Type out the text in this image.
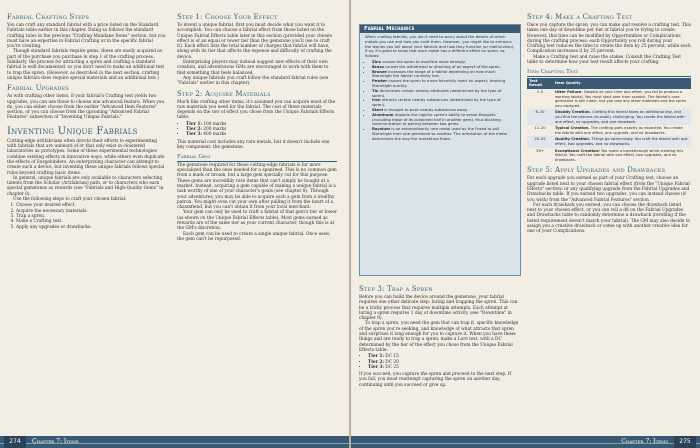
Fabrial Crafting Steps

You can craft any standard fabrial with a price listed on the Standard Fabrials table earlier in this chapter. Doing so follows the standard crafting rules in the previous "Crafting Mundane Items" section, but you must have an expertise in Fabrial Crafting or in the specific fabrial you're creating.

Though standard fabrials require gems, these are easily acquired as part of the purchase you purchase in step 1 of the crafting process. Similarly, the process for attracting a spren and crafting a standard fabrial is well documented, so you don't need to make an additional test to trap the spren. (However, as described in the next section, crafting unique fabrials does require special materials and an additional test.)

Fabrial Upgrades

As with crafting other items, if your fabrial's Crafting test yields two upgrades, you can use those to choose one advanced feature. When you do, you can either choose from the earlier "Advanced Item Features" section, or you can choose from the upcoming "Advanced Fabrial Features" subsection of "Inventing Unique Fabrials."

Inventing Unique Fabrials

Cutting-edge artifabrians often devote their efforts to experimenting with fabrials that are unheard of or that only exist in cloistered laboratories as prototypes. Some of these experimental technologies combine existing effects in innovative ways, while others even duplicate the effects of Surgebinders. An enterprising character can attempt to create such a device, but inventing these unique fabrials follows special rules beyond crafting basic items.

In general, unique fabrials are only available to characters selecting talents from the Scholar (Artifabrian) path, or to characters who earn special gemstones as rewards (see "Fabrials and High-Quality Gems" in chapter 8).

Use the following steps to craft your chosen fabrial:

1. Choose your desired effect.
2. Acquire the necessary materials.
3. Trap a spren.
4. Make a Crafting test.
5. Apply any upgrades or drawbacks.
Step 1: Choose Your Effect

To invent a unique fabrial, first you must decide what you want it to accomplish. You can choose a fabrial effect from those listed on the Unique Fabrial Effects table later in this section (provided your chosen effect is of an equal or lower tier than the gemstone you'll use to craft it). Each effect lists the total number of charges that fabrial will have, along with its tier that affects the expense and difficulty of crafting the device.

Enterprising players may instead suggest new effects of their own creation, and adventurous GMs are encouraged to work with them to find something that feels balanced.

Any unique fabrials you craft follow the standard fabrial rules (see "Fabrials" earlier in this chapter).

Step 2: Acquire Materials

Much like crafting other items, it's assumed you can acquire most of the raw materials you need for the fabrial. The cost of these materials depends on the tier of effect you chose from the Unique Fabrials Effects table:

• Tier 1: 100 marks
• Tier 2: 200 marks
• Tier 3: 400 marks

This material cost includes any rare metals, but it doesn't include one key component: the gemstone.

Fabrial Gem

The gemstone required for these cutting-edge fabrials is far more specialized than the ones needed for a spanreed. This is no common gem from a mark or broam, but a large gem specially cut for this purpose. These gems are incredibly rare items that can't simply be bought at a market. Instead, acquiring a gem capable of making a unique fabrial is a task worthy of one of your character's goals (see chapter 8). Through your adventures, you may be able to acquire such a gem from a wealthy patron. You might even cut your own after pulling it from the heart of a chasmfiend, but you can't obtain it from your local merchant.

Your gem can only be used to craft a fabrial of that gem's tier or lower (as shown on the Unique Fabrial Effects table). Most gems earned as rewards are of the same tier as your current character, though this is at the GM's discretion.

Each gem can be used to create a single unique fabrial. Once used, the gem can't be repurposed.

274	Chapter 7: Items
Fabrial Mechanics

When crafting fabrials, you don't need to worry about the details of which metals you use and how you craft them. However, you might like to enhance the stories you tell about your fabrials and how they function (or malfunction). If so, it's good to know that each metal has a different effect on spren, as follows:

• Zinc causes the spren to manifest more strongly.
• Brass causes the withdrawal or dimming of an aspect of the spren.
• Bronze increases the range of a fabrial depending on how much Stormlight the fabrial currently has.
• Pewter causes the spren to move forcefully exert an aspect, draining Stormlight quickly.
• Tin diminishes certain nearby attributes (determined by the type of spren).
• Iron attracts certain nearby substances (determined by the type of spren).
• Steel is thought to push nearby substances away.
• Aluminum impacts the captive spren's ability to sense thoughts (including those of its conjoined half in another gem), thus blocking communication or pairing between two gems.
• Raysium is an extraordinarily rare metal used by the Fused to pull Stormlight from one gemstone to another. The orientation of the metal determines the way the Investiture flows.
Step 3: Trap a Spren

Before you can build the device around the gemstone, your fabrial requires one other delicate step: luring and trapping the spren. This can be a tricky process that requires multiple attempts. Each attempt at luring a spren requires 1 day of downtime activity (see "Downtime" in chapter 9).

To trap a spren, you need the gem that can trap it, specific knowledge of the spren you're seeking, and knowledge of what attracts that spren and surprises it long enough for you to capture it. When you have these things and are ready to trap a spren, make a Lore test, with a DC determined by the tier of the effect you chose from the Unique Fabrial Effects table:

• Tier 1: DC 15
• Tier 2: DC 20
• Tier 3: DC 25

If you succeed, you capture the spren and proceed to the next step. If you fail, you must reattempt capturing the spren on another day, continuing until you succeed or give up.

Step 4: Make a Crafting Test

Once you capture the spren, you can make and resolve a crafting test. This takes one day of downtime per tier of fabrial you're trying to create. However, this time can be modified by Opportunities or Complications during the crafting process: each Opportunity you roll during your Crafting test reduces the time to create the item by 25 percent, while each Complication increases it by 25 percent.

Make a Crafting test and raise the stakes. Consult the Crafting Test table to determine how your test result affects your crafting.

Item Crafting Test
Test Result	Item Quality
1–5	Utter Failure. Despite all your time and effort, you fail to produce a working fabrial. You must start over from scratch. The fabrial's core gemstone is still intact, but you lose any other materials and the spren you captured.
6–10	Shoddy Creation. Crafting this fabrial takes an additional day, and you find the process unusually challenging. You create the fabrial with one effect, no upgrades, and one drawback.
11–20	Typical Creation. The crafting goes exactly as expected. You create the fabrial with one effect, one upgrade, and no drawbacks.
20–25	Quality Creation. Things go swimmingly. You craft the fabrial with one effect, two upgrades, and no drawbacks.
26+	Exceptional Creation! You make a breakthrough while creating this fabrial. You craft the fabrial with one effect, two upgrades, and no drawbacks.
Step 5: Apply Upgrades and Drawbacks

For each upgrade you earned as part of your Crafting test, choose an upgrade listed next to your chosen fabrial effect (from the "Unique Fabrial Effects" section) or any qualifying upgrade from the Fabrial Upgrades and Drawbacks table. If you earned two upgrades, you can instead choose (if you wish) from the "Advanced Fabrial Features" section.

For each drawback you earned, you can choose the drawback listed next to your chosen effect, or you can roll a d8 on the Fabrial Upgrades and Drawbacks table to randomly determine a drawback (rerolling if the listed requirement doesn't match your fabrial). The GM may also decide to assign you a creative drawback or come up with another creative idea for one of your Complications.

Chapter 7: Items	275
